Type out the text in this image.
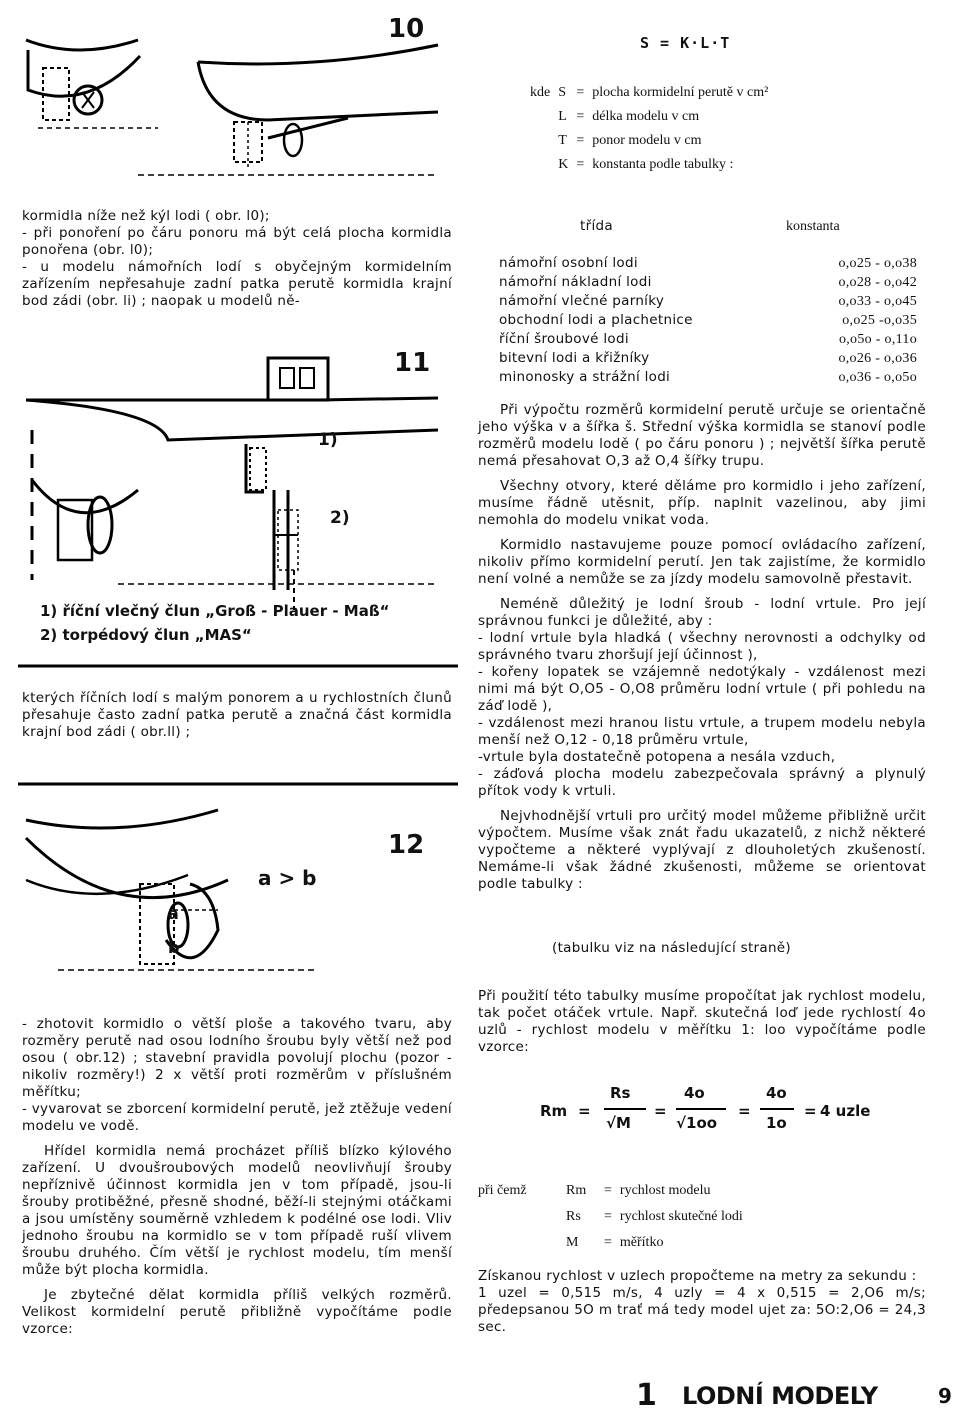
10	S = K·L·T
kde	S	=	plocha kormidelní perutě v cm²
	L	=	délka modelu v cm
	T	=	ponor modelu v cm
	K	=	konstanta podle tabulky :

kormidla níže než kýl lodi ( obr. l0);

- při ponoření po čáru ponoru má být celá plocha kormidla ponořena (obr. l0);

- u modelu námořních lodí s obyčejným kormidelním zařízením nepřesahuje zadní patka perutě kormidla krajní bod zádi (obr. li) ; naopak u modelů ně-

třída	konstanta
námořní osobní lodi	o,o25 - o,o38
námořní nákladní lodi	o,o28 - o,o42
námořní vlečné parníky	o,o33 - o,o45
obchodní lodi a plachetnice	o,o25 -o,o35
říční šroubové lodi	o,o5o - o,11o
bitevní lodi a křižníky	o,o26 - o,o36
minonosky a strážní lodi	o,o36 - o,o5o
11
1)
2)
1) říční vlečný člun „Groß - Plauer - Maß“
2) torpédový člun „MAS“
kterých říčních lodí s malým ponorem a u rychlostních člunů přesahuje často zadní patka perutě a značná část kormidla krajní bod zádi ( obr.ll) ;
12
a > b
a
b

- zhotovit kormidlo o větší ploše a takového tvaru, aby rozměry perutě nad osou lodního šroubu byly větší než pod osou ( obr.12) ; stavební pravidla povolují plochu (pozor - nikoliv rozměry!) 2 x větší proti rozměrům v příslušném měřítku;

- vyvarovat se zborcení kormidelní perutě, jež ztěžuje vedení modelu ve vodě.

Hřídel kormidla nemá procházet příliš blízko kýlového zařízení. U dvoušroubových modelů neovlivňují šrouby nepříznivě účinnost kormidla jen v tom případě, jsou-li šrouby protiběžné, přesně shodné, běží-li stejnými otáčkami a jsou umístěny souměrně vzhledem k podélné ose lodi. Vliv jednoho šroubu na kormidlo se v tom případě ruší vlivem šroubu druhého. Čím větší je rychlost modelu, tím menší může být plocha kormidla.

Je zbytečné dělat kormidla příliš velkých rozměrů. Velikost kormidelní perutě přibližně vypočítáme podle vzorce:

Při výpočtu rozměrů kormidelní perutě určuje se orientačně jeho výška v a šířka š. Střední výška kormidla se stanoví podle rozměrů modelu lodě ( po čáru ponoru ) ; největší šířka perutě nemá přesahovat O,3 až O,4 šířky trupu.

Všechny otvory, které děláme pro kormidlo i jeho zařízení, musíme řádně utěsnit, příp. naplnit vazelinou, aby jimi nemohla do modelu vnikat voda.

Kormidlo nastavujeme pouze pomocí ovládacího zařízení, nikoliv přímo kormidelní perutí. Jen tak zajistíme, že kormidlo není volné a nemůže se za jízdy modelu samovolně přestavit.

Neméně důležitý je lodní šroub - lodní vrtule. Pro její správnou funkci je důležité, aby :

- lodní vrtule byla hladká ( všechny nerovnosti a odchylky od správného tvaru zhoršují její účinnost ),

- kořeny lopatek se vzájemně nedotýkaly - vzdálenost mezi nimi má být O,O5 - O,O8 průměru lodní vrtule ( při pohledu na záď lodě ),

- vzdálenost mezi hranou listu vrtule, a trupem modelu nebyla menší než O,12 - 0,18 průměru vrtule,

-vrtule byla dostatečně potopena a nesála vzduch,

- záďová plocha modelu zabezpečovala správný a plynulý přítok vody k vrtuli.

Nejvhodnější vrtuli pro určitý model můžeme přibližně určit výpočtem. Musíme však znát řadu ukazatelů, z nichž některé vypočteme a některé vyplývají z dlouholetých zkušeností. Nemáme-li však žádné zkušenosti, můžeme se orientovat podle tabulky :

(tabulku viz na následující straně)
Při použití této tabulky musíme propočítat jak rychlost modelu, tak počet otáček vrtule. Např. skutečná loď jede rychlostí 4o uzlů - rychlost modelu v měřítku 1: loo vypočítáme podle vzorce:
Rm =
Rs
√M
=
4o
√1oo
=
4o
1o
= 4 uzle
při čemž	Rm	=	rychlost modelu
	Rs	=	rychlost skutečné lodi
	M	=	měřítko

Získanou rychlost v uzlech propočteme na metry za sekundu :

1 uzel = 0,515 m/s, 4 uzly = 4 x 0,515 = 2,O6 m/s; předepsanou 5O m trať má tedy model ujet za: 5O:2,O6 = 24,3 sec.

1 LODNÍ MODELY	9
